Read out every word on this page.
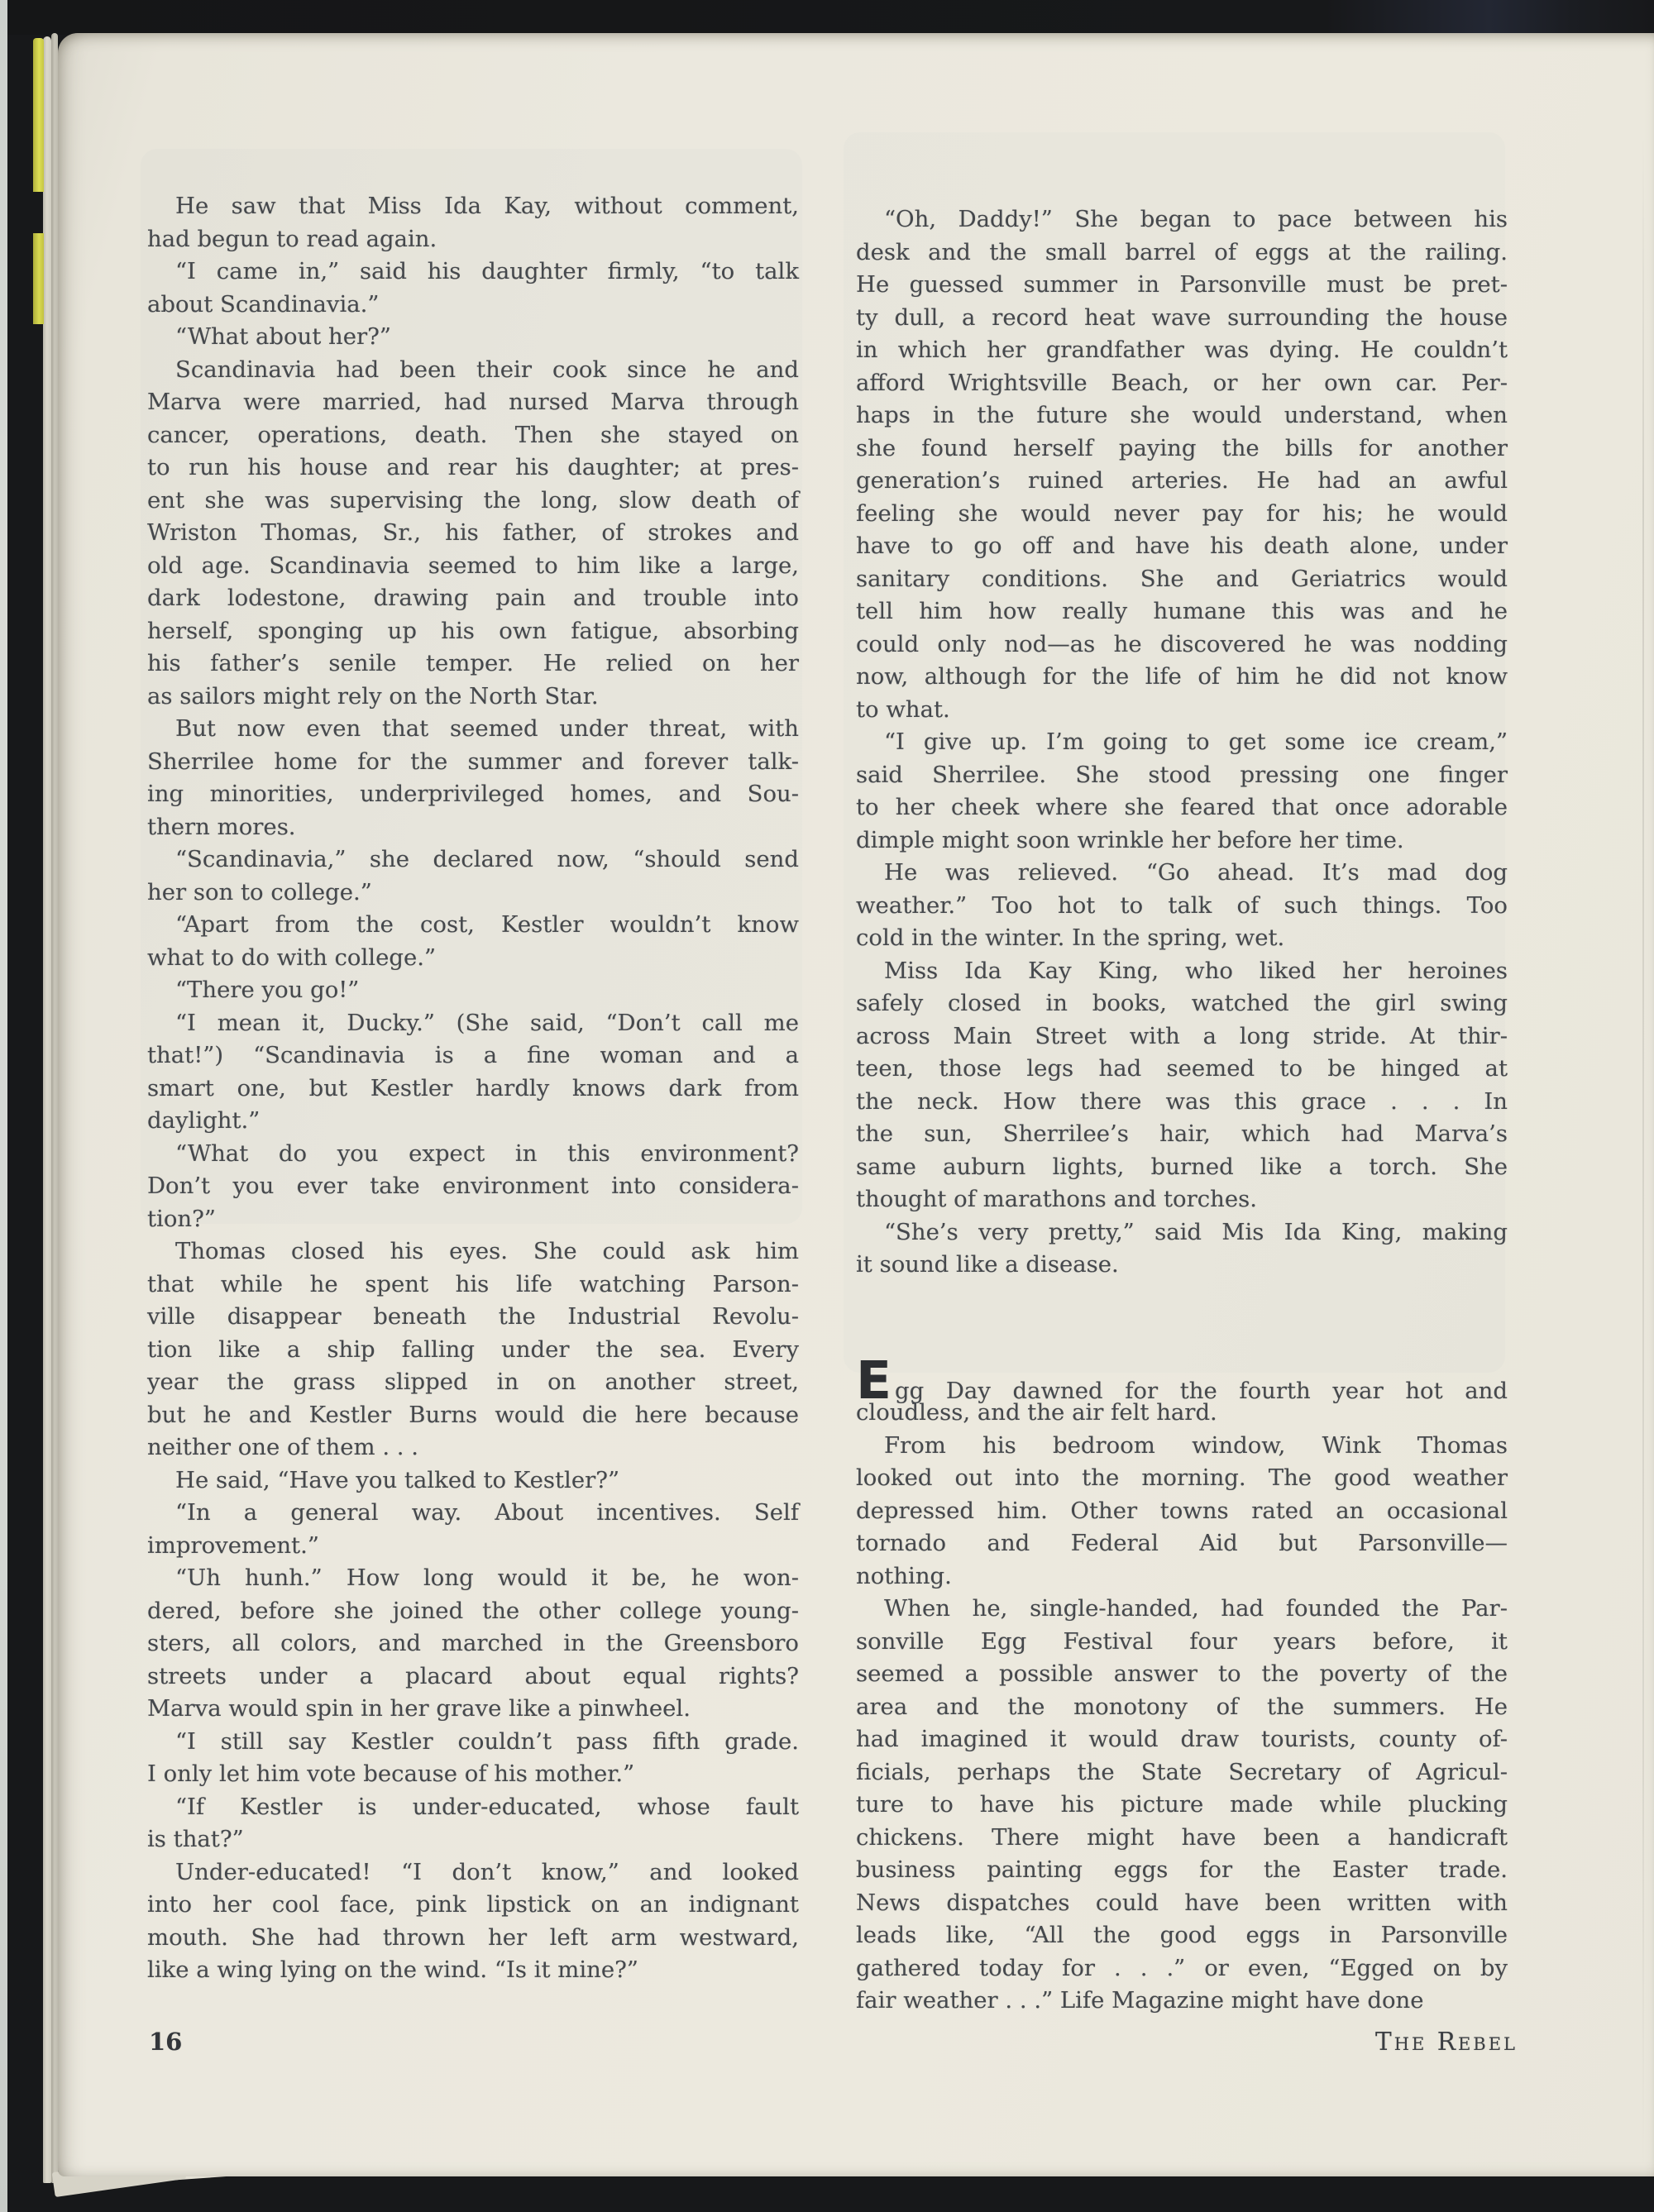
He saw that Miss Ida Kay, without comment,
had begun to read again.
“I came in,” said his daughter firmly, “to talk
about Scandinavia.”
“What about her?”
Scandinavia had been their cook since he and
Marva were married, had nursed Marva through
cancer, operations, death. Then she stayed on
to run his house and rear his daughter; at pres-
ent she was supervising the long, slow death of
Wriston Thomas, Sr., his father, of strokes and
old age. Scandinavia seemed to him like a large,
dark lodestone, drawing pain and trouble into
herself, sponging up his own fatigue, absorbing
his father’s senile temper. He relied on her
as sailors might rely on the North Star.
But now even that seemed under threat, with
Sherrilee home for the summer and forever talk-
ing minorities, underprivileged homes, and Sou-
thern mores.
“Scandinavia,” she declared now, “should send
her son to college.”
“Apart from the cost, Kestler wouldn’t know
what to do with college.”
“There you go!”
“I mean it, Ducky.” (She said, “Don’t call me
that!”) “Scandinavia is a fine woman and a
smart one, but Kestler hardly knows dark from
daylight.”
“What do you expect in this environment?
Don’t you ever take environment into considera-
tion?”
Thomas closed his eyes. She could ask him
that while he spent his life watching Parson-
ville disappear beneath the Industrial Revolu-
tion like a ship falling under the sea. Every
year the grass slipped in on another street,
but he and Kestler Burns would die here because
neither one of them . . .
He said, “Have you talked to Kestler?”
“In a general way. About incentives. Self
improvement.”
“Uh hunh.” How long would it be, he won-
dered, before she joined the other college young-
sters, all colors, and marched in the Greensboro
streets under a placard about equal rights?
Marva would spin in her grave like a pinwheel.
“I still say Kestler couldn’t pass fifth grade.
I only let him vote because of his mother.”
“If Kestler is under-educated, whose fault
is that?”
Under-educated! “I don’t know,” and looked
into her cool face, pink lipstick on an indignant
mouth. She had thrown her left arm westward,
like a wing lying on the wind. “Is it mine?”
“Oh, Daddy!” She began to pace between his
desk and the small barrel of eggs at the railing.
He guessed summer in Parsonville must be pret-
ty dull, a record heat wave surrounding the house
in which her grandfather was dying. He couldn’t
afford Wrightsville Beach, or her own car. Per-
haps in the future she would understand, when
she found herself paying the bills for another
generation’s ruined arteries. He had an awful
feeling she would never pay for his; he would
have to go off and have his death alone, under
sanitary conditions. She and Geriatrics would
tell him how really humane this was and he
could only nod—as he discovered he was nodding
now, although for the life of him he did not know
to what.
“I give up. I’m going to get some ice cream,”
said Sherrilee. She stood pressing one finger
to her cheek where she feared that once adorable
dimple might soon wrinkle her before her time.
He was relieved. “Go ahead. It’s mad dog
weather.” Too hot to talk of such things. Too
cold in the winter. In the spring, wet.
Miss Ida Kay King, who liked her heroines
safely closed in books, watched the girl swing
across Main Street with a long stride. At thir-
teen, those legs had seemed to be hinged at
the neck. How there was this grace . . . In
the sun, Sherrilee’s hair, which had Marva’s
same auburn lights, burned like a torch. She
thought of marathons and torches.
“She’s very pretty,” said Mis Ida King, making
it sound like a disease.
Egg Day dawned for the fourth year hot and
cloudless, and the air felt hard.
From his bedroom window, Wink Thomas
looked out into the morning. The good weather
depressed him. Other towns rated an occasional
tornado and Federal Aid but Parsonville—
nothing.
When he, single-handed, had founded the Par-
sonville Egg Festival four years before, it
seemed a possible answer to the poverty of the
area and the monotony of the summers. He
had imagined it would draw tourists, county of-
ficials, perhaps the State Secretary of Agricul-
ture to have his picture made while plucking
chickens. There might have been a handicraft
business painting eggs for the Easter trade.
News dispatches could have been written with
leads like, “All the good eggs in Parsonville
gathered today for . . .” or even, “Egged on by
fair weather . . .” Life Magazine might have done
16	The Rebel
